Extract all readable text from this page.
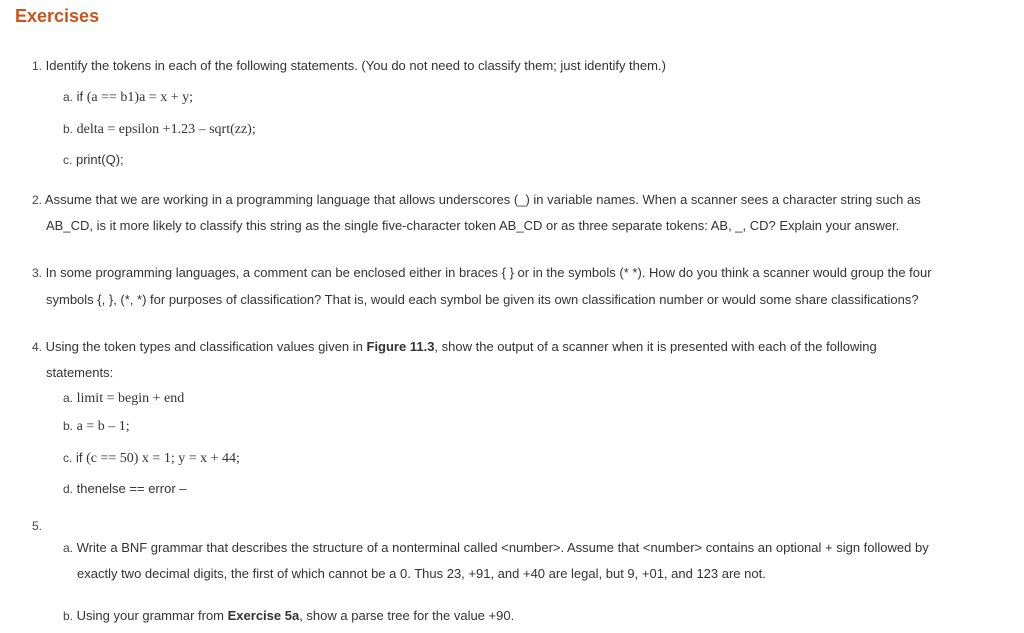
Exercises
1. Identify the tokens in each of the following statements. (You do not need to classify them; just identify them.)
a. if (a == b1)a = x + y;
b. delta = epsilon +1.23 – sqrt(zz);
c. print(Q);
2. Assume that we are working in a programming language that allows underscores (_) in variable names. When a scanner sees a character string such as
AB_CD, is it more likely to classify this string as the single five-character token AB_CD or as three separate tokens: AB, _, CD? Explain your answer.
3. In some programming languages, a comment can be enclosed either in braces { } or in the symbols (* *). How do you think a scanner would group the four
symbols {, }, (*, *) for purposes of classification? That is, would each symbol be given its own classification number or would some share classifications?
4. Using the token types and classification values given in Figure 11.3, show the output of a scanner when it is presented with each of the following
statements:
a. limit = begin + end
b. a = b – 1;
c. if (c == 50) x = 1; y = x + 44;
d. thenelse == error –
5.
a. Write a BNF grammar that describes the structure of a nonterminal called <number>. Assume that <number> contains an optional + sign followed by
exactly two decimal digits, the first of which cannot be a 0. Thus 23, +91, and +40 are legal, but 9, +01, and 123 are not.
b. Using your grammar from Exercise 5a, show a parse tree for the value +90.
